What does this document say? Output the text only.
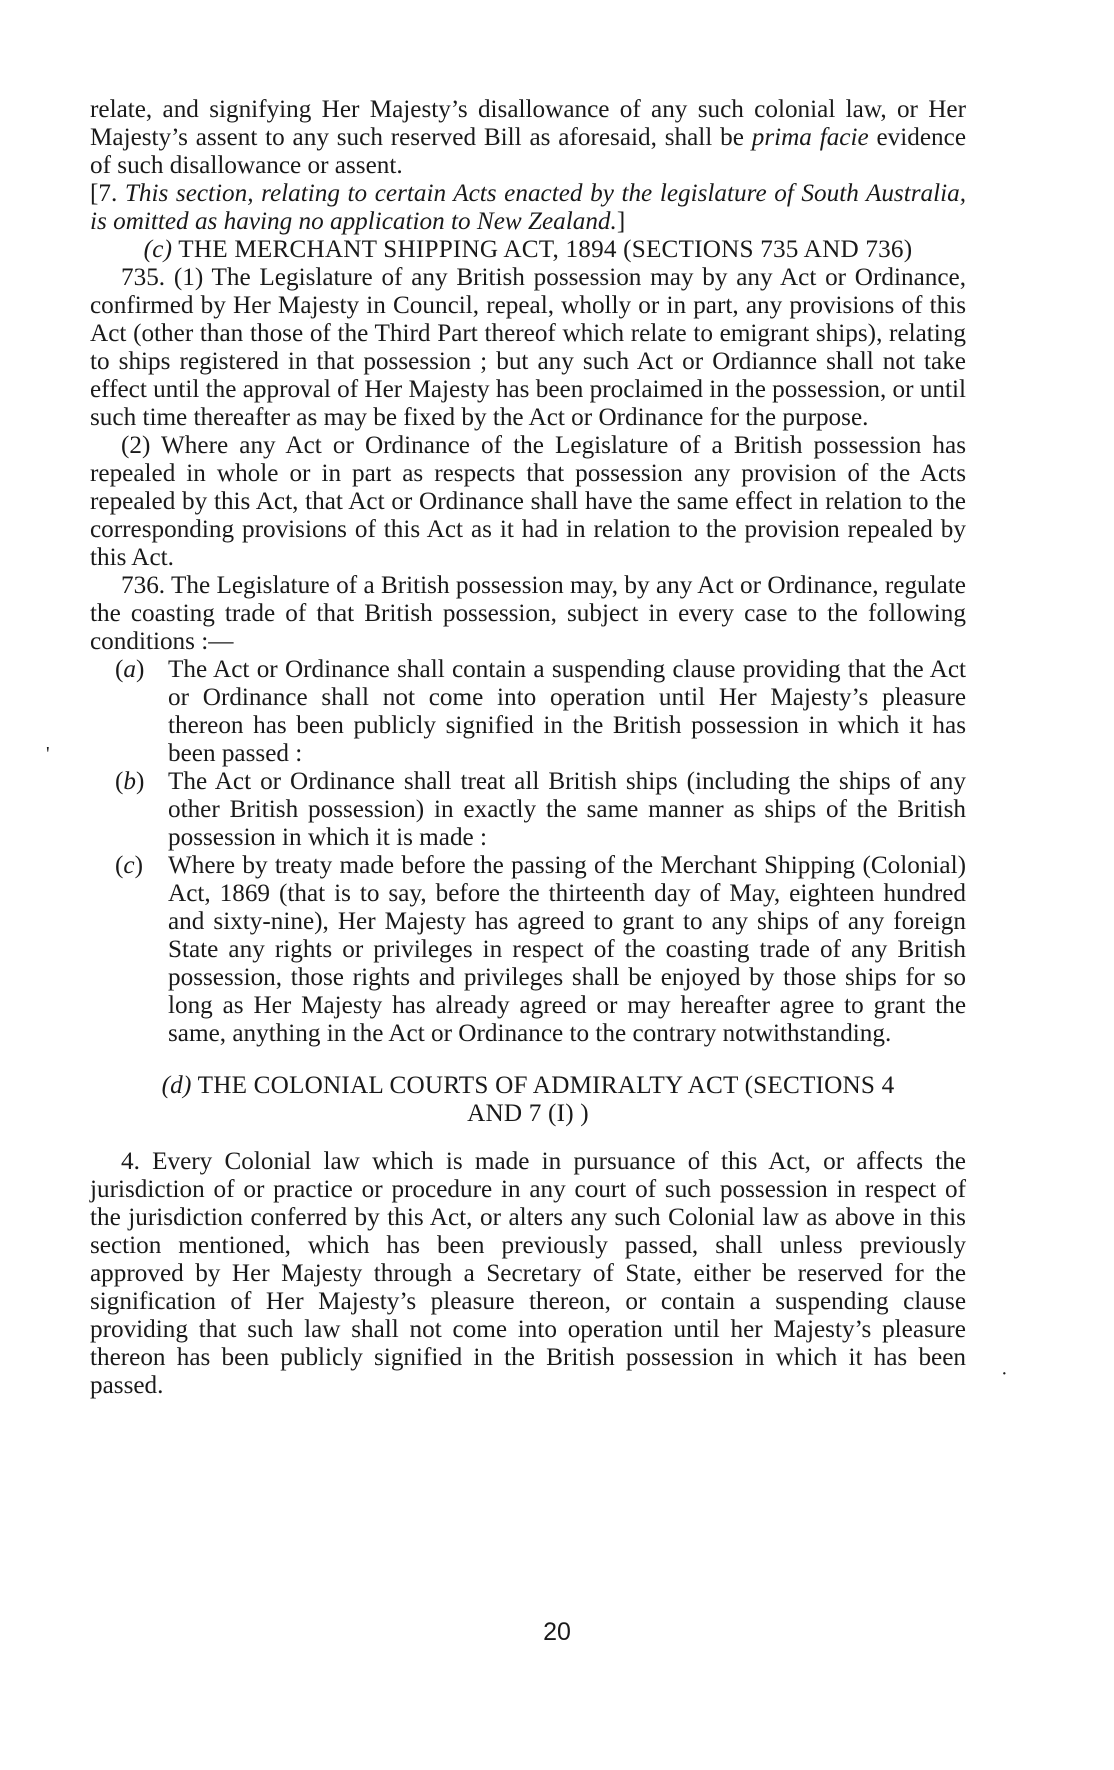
relate, and signifying Her Majesty’s disallowance of any such colonial law, or Her Majesty’s assent to any such reserved Bill as aforesaid, shall be prima facie evidence of such disallowance or assent.

[7. This section, relating to certain Acts enacted by the legislature of South Australia, is omitted as having no application to New Zealand.]

(c) THE MERCHANT SHIPPING ACT, 1894 (SECTIONS 735 AND 736)

735. (1) The Legislature of any British possession may by any Act or Ordinance, confirmed by Her Majesty in Council, repeal, wholly or in part, any provisions of this Act (other than those of the Third Part thereof which relate to emigrant ships), relating to ships registered in that possession ; but any such Act or Ordiannce shall not take effect until the approval of Her Majesty has been proclaimed in the possession, or until such time thereafter as may be fixed by the Act or Ordinance for the purpose.

(2) Where any Act or Ordinance of the Legislature of a British possession has repealed in whole or in part as respects that possession any provision of the Acts repealed by this Act, that Act or Ordinance shall have the same effect in relation to the corresponding provisions of this Act as it had in relation to the provision repealed by this Act.

736. The Legislature of a British possession may, by any Act or Ordinance, regulate the coasting trade of that British possession, subject in every case to the following conditions :—

(a) The Act or Ordinance shall contain a suspending clause providing that the Act or Ordinance shall not come into operation until Her Majesty’s pleasure thereon has been publicly signified in the British possession in which it has been passed :
(b) The Act or Ordinance shall treat all British ships (including the ships of any other British possession) in exactly the same manner as ships of the British possession in which it is made :
(c) Where by treaty made before the passing of the Merchant Shipping (Colonial) Act, 1869 (that is to say, before the thirteenth day of May, eighteen hundred and sixty-nine), Her Majesty has agreed to grant to any ships of any foreign State any rights or privileges in respect of the coasting trade of any British possession, those rights and privileges shall be enjoyed by those ships for so long as Her Majesty has already agreed or may hereafter agree to grant the same, anything in the Act or Ordinance to the contrary notwithstanding.
(d) THE COLONIAL COURTS OF ADMIRALTY ACT (SECTIONS 4
AND 7 (I) )

4. Every Colonial law which is made in pursuance of this Act, or affects the jurisdiction of or practice or procedure in any court of such possession in respect of the jurisdiction conferred by this Act, or alters any such Colonial law as above in this section mentioned, which has been previously passed, shall unless previously approved by Her Majesty through a Secretary of State, either be reserved for the signification of Her Majesty’s pleasure thereon, or contain a suspending clause providing that such law shall not come into operation until her Majesty’s pleasure thereon has been publicly signified in the British possession in which it has been passed.

'
·
20
